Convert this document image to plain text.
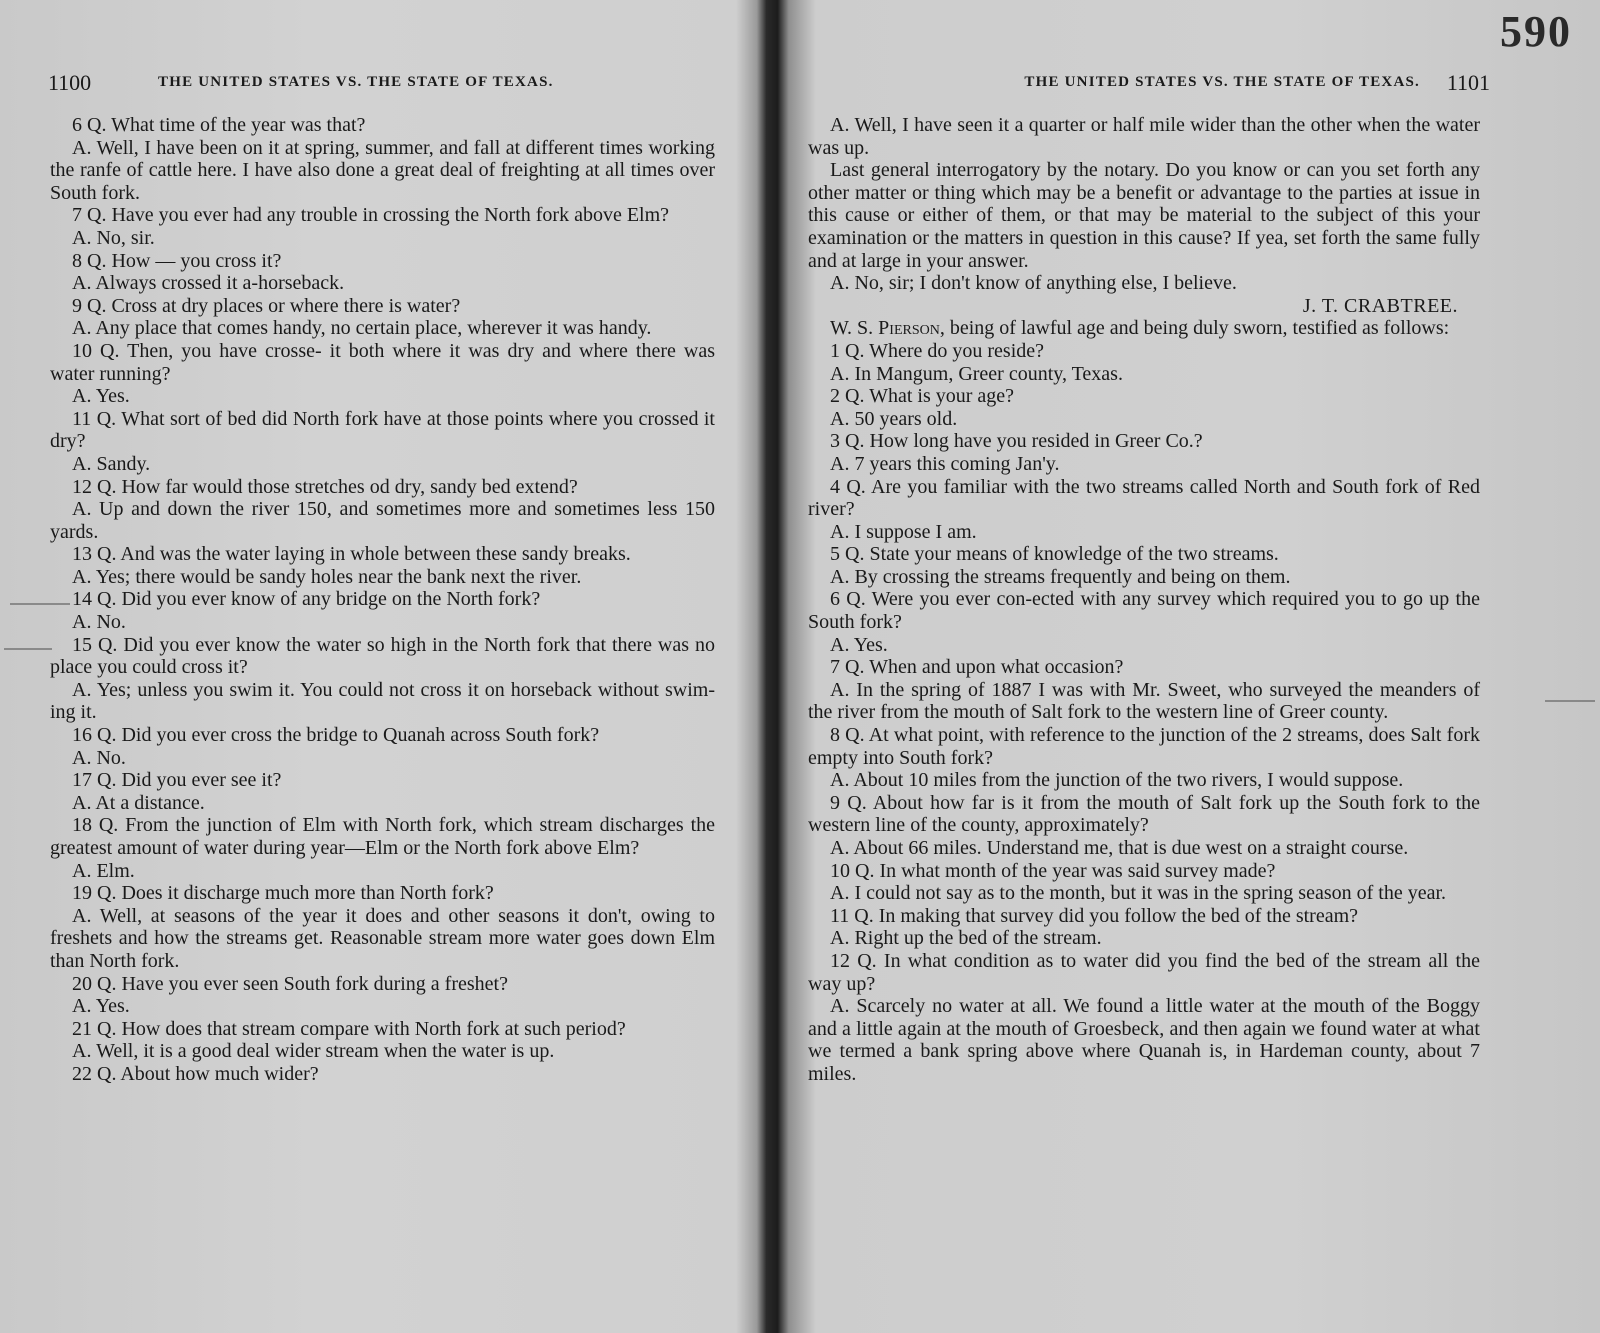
1100	THE UNITED STATES VS. THE STATE OF TEXAS.

6 Q. What time of the year was that?

A. Well, I have been on it at spring, summer, and fall at different times working the ranfe of cattle here. I have also done a great deal of freighting at all times over South fork.

7 Q. Have you ever had any trouble in crossing the North fork above Elm?

A. No, sir.

8 Q. How — you cross it?

A. Always crossed it a-horseback.

9 Q. Cross at dry places or where there is water?

A. Any place that comes handy, no certain place, wherever it was handy.

10 Q. Then, you have crosse- it both where it was dry and where there was water running?

A. Yes.

11 Q. What sort of bed did North fork have at those points where you crossed it dry?

A. Sandy.

12 Q. How far would those stretches od dry, sandy bed extend?

A. Up and down the river 150, and sometimes more and sometimes less 150 yards.

13 Q. And was the water laying in whole between these sandy breaks.

A. Yes; there would be sandy holes near the bank next the river.

14 Q. Did you ever know of any bridge on the North fork?

A. No.

15 Q. Did you ever know the water so high in the North fork that there was no place you could cross it?

A. Yes; unless you swim it. You could not cross it on horseback without swim-ing it.

16 Q. Did you ever cross the bridge to Quanah across South fork?

A. No.

17 Q. Did you ever see it?

A. At a distance.

18 Q. From the junction of Elm with North fork, which stream discharges the greatest amount of water during year—Elm or the North fork above Elm?

A. Elm.

19 Q. Does it discharge much more than North fork?

A. Well, at seasons of the year it does and other seasons it don't, owing to freshets and how the streams get. Reasonable stream more water goes down Elm than North fork.

20 Q. Have you ever seen South fork during a freshet?

A. Yes.

21 Q. How does that stream compare with North fork at such period?

A. Well, it is a good deal wider stream when the water is up.

22 Q. About how much wider?

590
THE UNITED STATES VS. THE STATE OF TEXAS. 1101

A. Well, I have seen it a quarter or half mile wider than the other when the water was up.

Last general interrogatory by the notary. Do you know or can you set forth any other matter or thing which may be a benefit or advantage to the parties at issue in this cause or either of them, or that may be material to the subject of this your examination or the matters in question in this cause? If yea, set forth the same fully and at large in your answer.

A. No, sir; I don't know of anything else, I believe.

J. T. CRABTREE.

W. S. Pierson, being of lawful age and being duly sworn, testified as follows:

1 Q. Where do you reside?

A. In Mangum, Greer county, Texas.

2 Q. What is your age?

A. 50 years old.

3 Q. How long have you resided in Greer Co.?

A. 7 years this coming Jan'y.

4 Q. Are you familiar with the two streams called North and South fork of Red river?

A. I suppose I am.

5 Q. State your means of knowledge of the two streams.

A. By crossing the streams frequently and being on them.

6 Q. Were you ever con-ected with any survey which required you to go up the South fork?

A. Yes.

7 Q. When and upon what occasion?

A. In the spring of 1887 I was with Mr. Sweet, who surveyed the meanders of the river from the mouth of Salt fork to the western line of Greer county.

8 Q. At what point, with reference to the junction of the 2 streams, does Salt fork empty into South fork?

A. About 10 miles from the junction of the two rivers, I would suppose.

9 Q. About how far is it from the mouth of Salt fork up the South fork to the western line of the county, approximately?

A. About 66 miles. Understand me, that is due west on a straight course.

10 Q. In what month of the year was said survey made?

A. I could not say as to the month, but it was in the spring season of the year.

11 Q. In making that survey did you follow the bed of the stream?

A. Right up the bed of the stream.

12 Q. In what condition as to water did you find the bed of the stream all the way up?

A. Scarcely no water at all. We found a little water at the mouth of the Boggy and a little again at the mouth of Groesbeck, and then again we found water at what we termed a bank spring above where Quanah is, in Hardeman county, about 7 miles.
